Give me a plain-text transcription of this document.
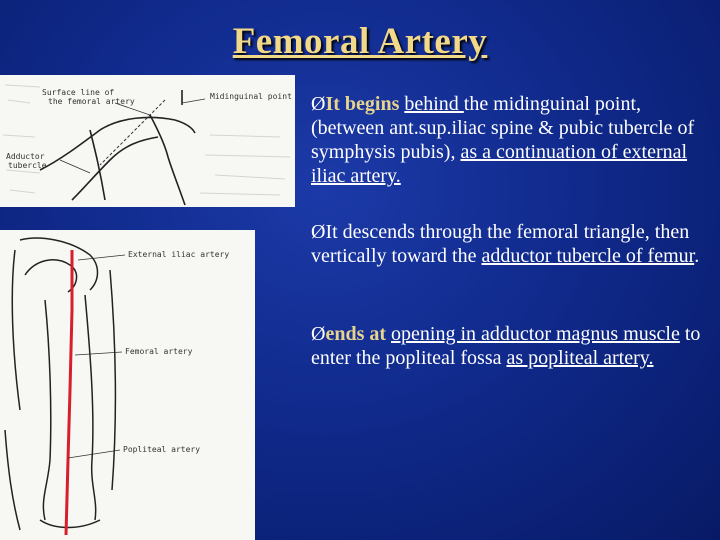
Femoral Artery
Surface line of
the femoral artery
Midinguinal point
Adductor
tubercle
External iliac artery
Femoral artery
Popliteal artery
ØIt begins behind the midinguinal point, (between ant.sup.iliac spine & pubic tubercle of symphysis pubis), as a continuation of external iliac artery.
ØIt descends through the femoral triangle, then vertically toward the adductor tubercle of femur.
Øends at opening in adductor magnus muscle to enter the popliteal fossa as popliteal artery.
